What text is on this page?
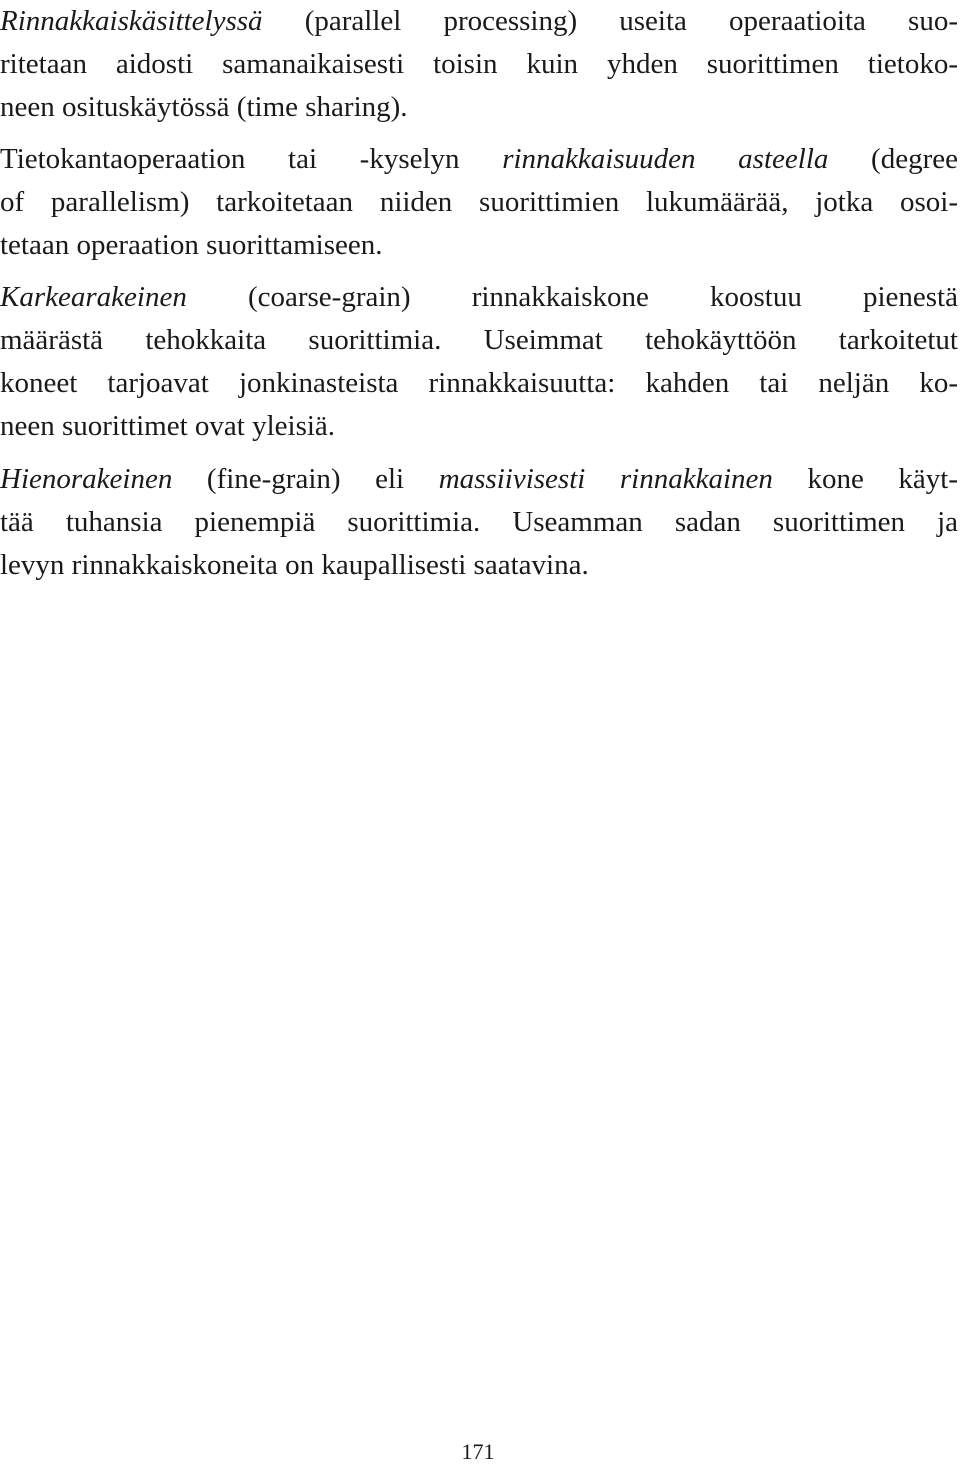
Rinnakkaiskäsittelyssä (parallel processing) useita operaatioita suo-
ritetaan aidosti samanaikaisesti toisin kuin yhden suorittimen tietoko-
neen osituskäytössä (time sharing).
Tietokantaoperaation tai -kyselyn rinnakkaisuuden asteella (degree
of parallelism) tarkoitetaan niiden suorittimien lukumäärää, jotka osoi-
tetaan operaation suorittamiseen.
Karkearakeinen (coarse-grain) rinnakkaiskone koostuu pienestä
määrästä tehokkaita suorittimia. Useimmat tehokäyttöön tarkoitetut
koneet tarjoavat jonkinasteista rinnakkaisuutta: kahden tai neljän ko-
neen suorittimet ovat yleisiä.
Hienorakeinen (fine-grain) eli massiivisesti rinnakkainen kone käyt-
tää tuhansia pienempiä suorittimia. Useamman sadan suorittimen ja
levyn rinnakkaiskoneita on kaupallisesti saatavina.
171
